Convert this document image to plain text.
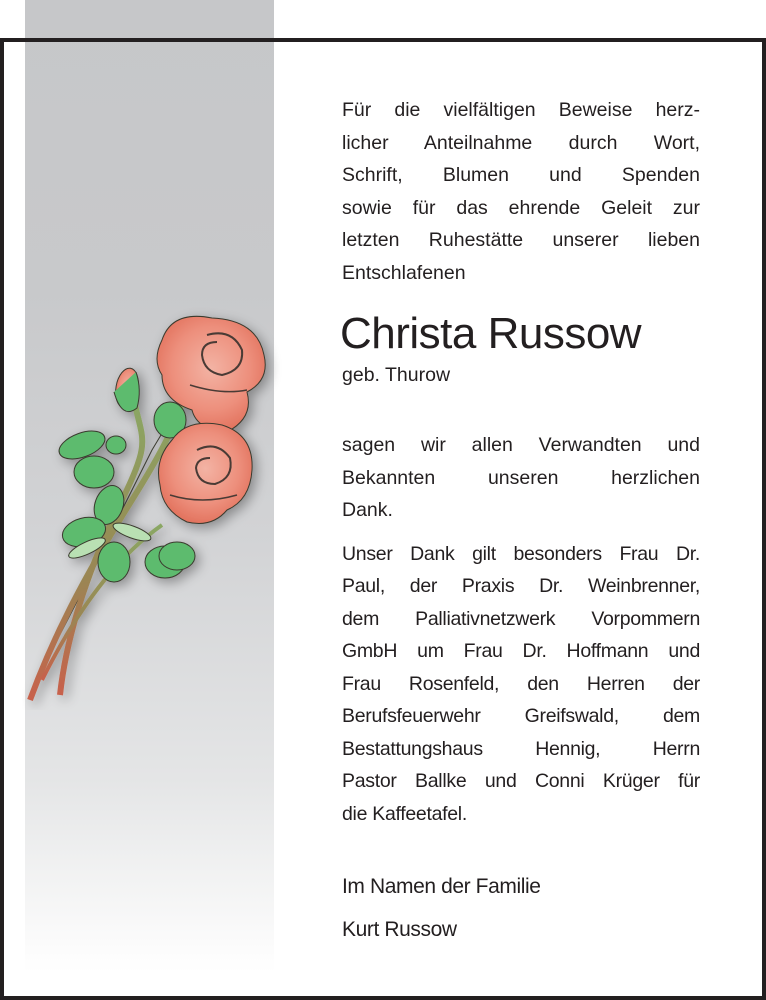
Für die vielfältigen Beweise herz-
licher Anteilnahme durch Wort,
Schrift, Blumen und Spenden
sowie für das ehrende Geleit zur
letzten Ruhestätte unserer lieben
Entschlafenen

Christa Russow

geb. Thurow

sagen wir allen Verwandten und
Bekannten unseren herzlichen
Dank.

Unser Dank gilt besonders Frau Dr.
Paul, der Praxis Dr. Weinbrenner,
dem Palliativnetzwerk Vorpommern
GmbH um Frau Dr. Hoffmann und
Frau Rosenfeld, den Herren der
Berufsfeuerwehr Greifswald, dem
Bestattungshaus Hennig, Herrn
Pastor Ballke und Conni Krüger für
die Kaffeetafel.

Im Namen der Familie

Kurt Russow
